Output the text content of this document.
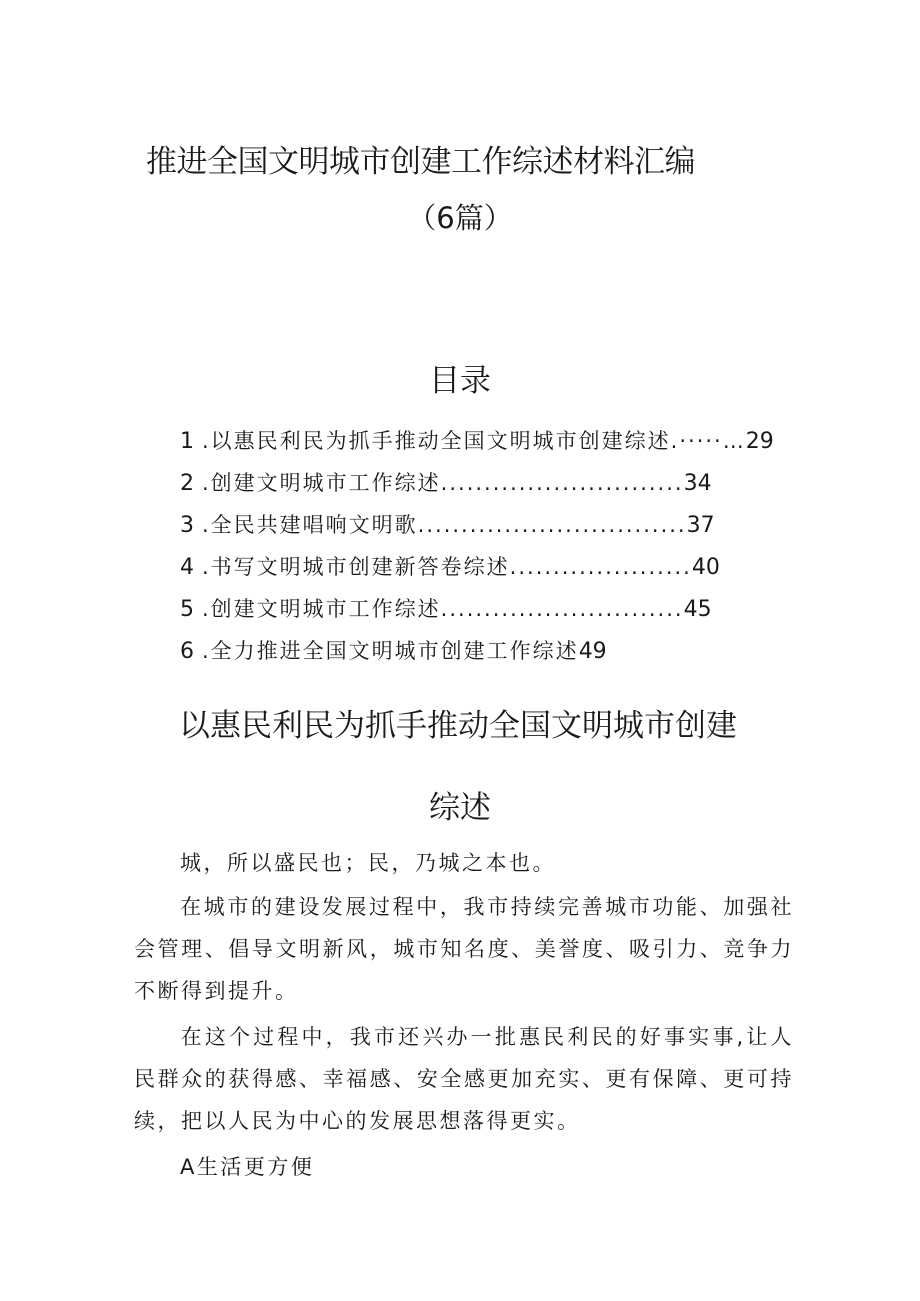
推进全国文明城市创建工作综述材料汇编
（6篇）
目录
1 .以惠民利民为抓手推动全国文明城市创建综述.·····… 29
2 .创建文明城市工作综述............................ 34
3 .全民共建唱响文明歌............................... 37
4 .书写文明城市创建新答卷综述..................... 40
5 .创建文明城市工作综述............................ 45
6 .全力推进全国文明城市创建工作综述 49
以惠民利民为抓手推动全国文明城市创建
综述
城，所以盛民也；民，乃城之本也。
在城市的建设发展过程中，我市持续完善城市功能、加强社会管理、倡导文明新风，城市知名度、美誉度、吸引力、竞争力不断得到提升。
在这个过程中，我市还兴办一批惠民利民的好事实事,让人民群众的获得感、幸福感、安全感更加充实、更有保障、更可持续，把以人民为中心的发展思想落得更实。
A生活更方便
